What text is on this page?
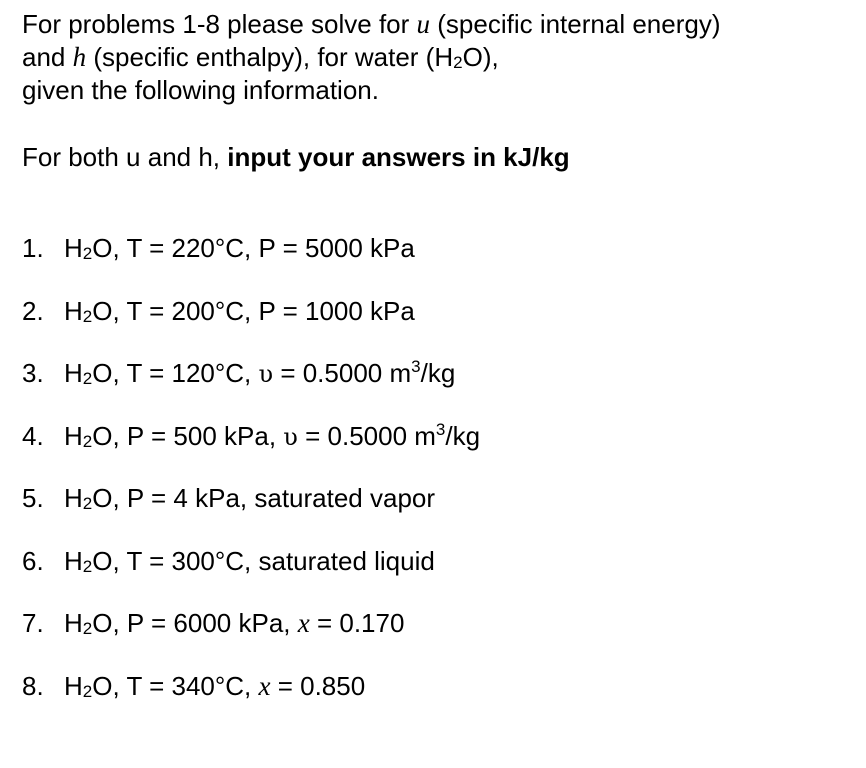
For problems 1-8 please solve for u (specific internal energy)
and h (specific enthalpy), for water $(H_2O)$,
given the following information.

For both u and h, input your answers in kJ/kg
1. $H_2O$, T = 220°C, P = 5000 kPa
2. $H_2O$, T = 200°C, P = 1000 kPa
3. $H_2O$, T = 120°C, υ = 0.5000 $m^3/kg$
4. $H_2O$, P = 500 kPa, υ = 0.5000 $m^3/kg$
5. $H_2O$, P = 4 kPa, saturated vapor
6. $H_2O$, T = 300°C, saturated liquid
7. $H_2O$, P = 6000 kPa, x = 0.170
8. $H_2O$, T = 340°C, x = 0.850
